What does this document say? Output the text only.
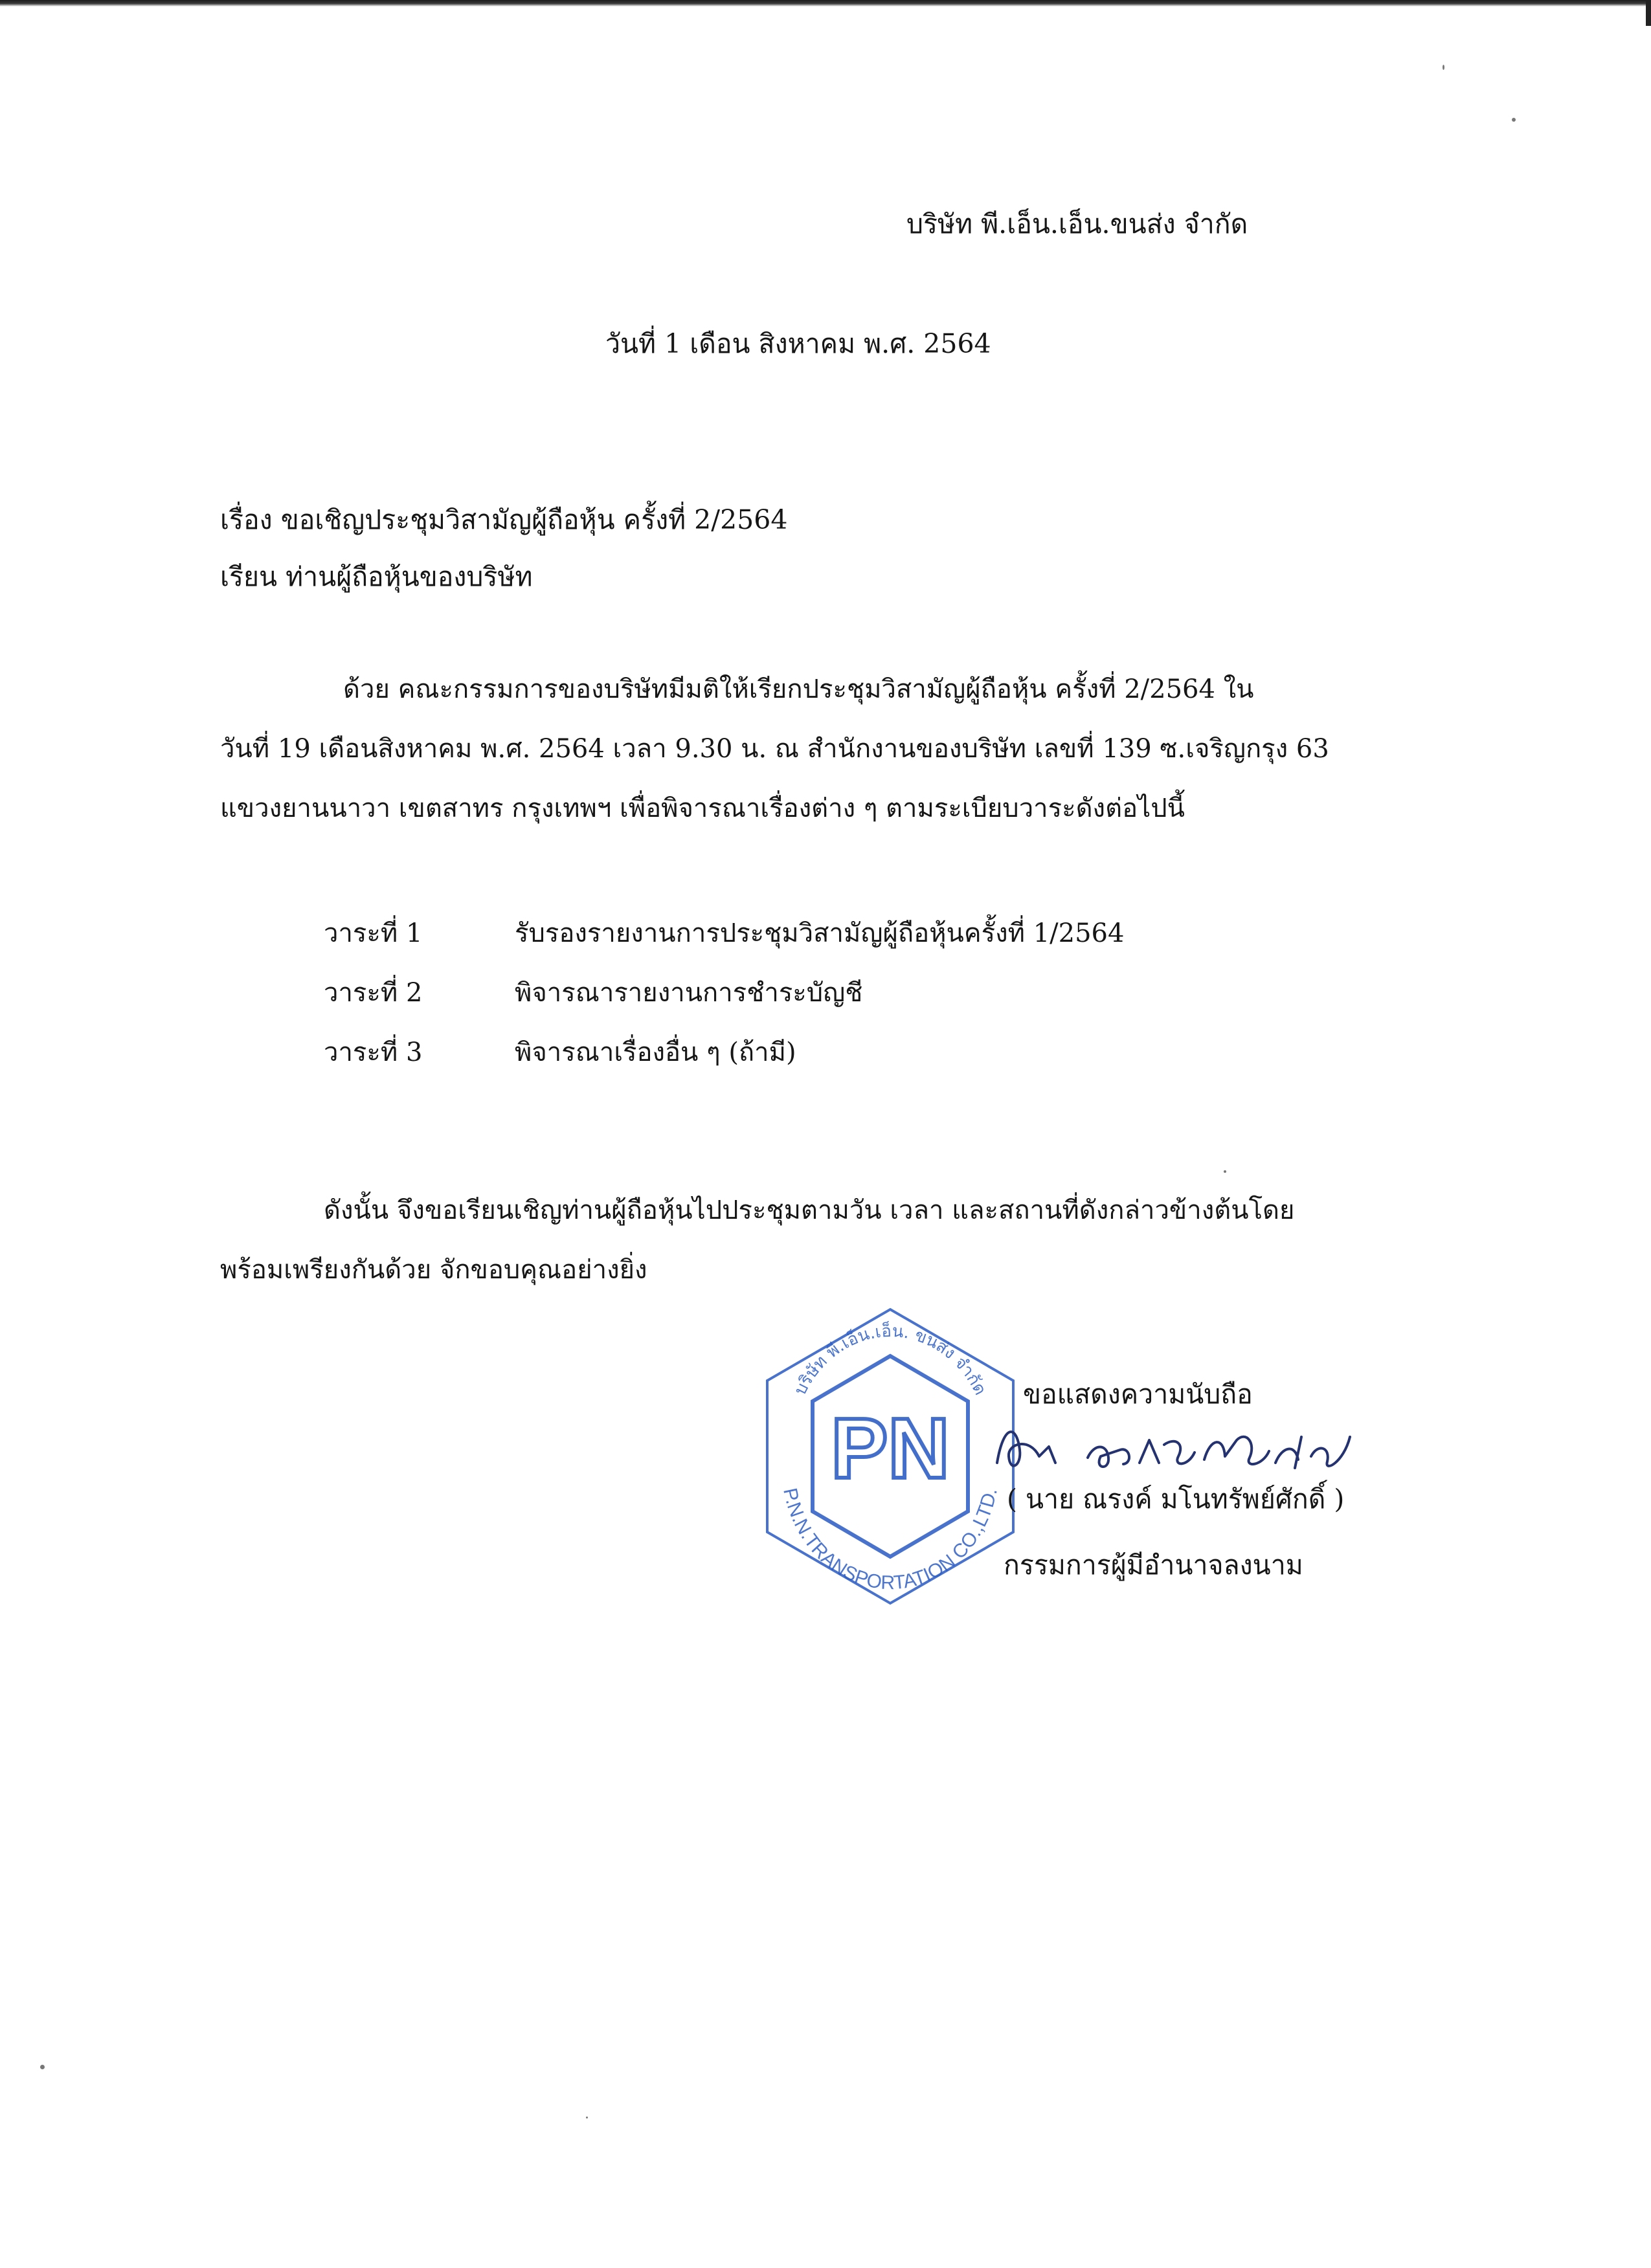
บริษัท พี.เอ็น.เอ็น.ขนส่ง จำกัด
วันที่ 1 เดือน สิงหาคม พ.ศ. 2564
เรื่อง ขอเชิญประชุมวิสามัญผู้ถือหุ้น ครั้งที่ 2/2564
เรียน ท่านผู้ถือหุ้นของบริษัท
ด้วย คณะกรรมการของบริษัทมีมติให้เรียกประชุมวิสามัญผู้ถือหุ้น ครั้งที่ 2/2564 ใน
วันที่ 19 เดือนสิงหาคม พ.ศ. 2564 เวลา 9.30 น. ณ สำนักงานของบริษัท เลขที่ 139 ซ.เจริญกรุง 63
แขวงยานนาวา เขตสาทร กรุงเทพฯ เพื่อพิจารณาเรื่องต่าง ๆ ตามระเบียบวาระดังต่อไปนี้
วาระที่ 1	รับรองรายงานการประชุมวิสามัญผู้ถือหุ้นครั้งที่ 1/2564
วาระที่ 2	พิจารณารายงานการชำระบัญชี
วาระที่ 3	พิจารณาเรื่องอื่น ๆ (ถ้ามี)
ดังนั้น จึงขอเรียนเชิญท่านผู้ถือหุ้นไปประชุมตามวัน เวลา และสถานที่ดังกล่าวข้างต้นโดย
พร้อมเพรียงกันด้วย จักขอบคุณอย่างยิ่ง
PN
P.N.N.TRANSPORTATION CO.,LTD.
บริษัท พี.เอ็น.เอ็น. ขนส่ง จำกัด ขอแสดงความนับถือ
( นาย ณรงค์ มโนทรัพย์ศักดิ์ )
กรรมการผู้มีอำนาจลงนาม
